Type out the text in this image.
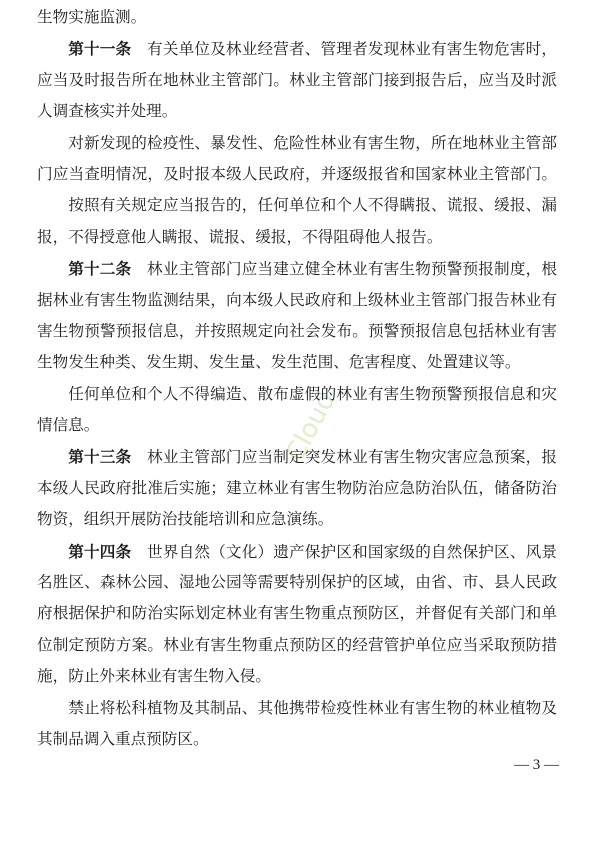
Cloud
生物实施监测。
第十一条 有关单位及林业经营者、管理者发现林业有害生物危害时，
应当及时报告所在地林业主管部门。林业主管部门接到报告后，应当及时派
人调查核实并处理。
对新发现的检疫性、暴发性、危险性林业有害生物，所在地林业主管部
门应当查明情况，及时报本级人民政府，并逐级报省和国家林业主管部门。
按照有关规定应当报告的，任何单位和个人不得瞒报、谎报、缓报、漏
报，不得授意他人瞒报、谎报、缓报，不得阻碍他人报告。
第十二条 林业主管部门应当建立健全林业有害生物预警预报制度，根
据林业有害生物监测结果，向本级人民政府和上级林业主管部门报告林业有
害生物预警预报信息，并按照规定向社会发布。预警预报信息包括林业有害
生物发生种类、发生期、发生量、发生范围、危害程度、处置建议等。
任何单位和个人不得编造、散布虚假的林业有害生物预警预报信息和灾
情信息。
第十三条 林业主管部门应当制定突发林业有害生物灾害应急预案，报
本级人民政府批准后实施；建立林业有害生物防治应急防治队伍，储备防治
物资，组织开展防治技能培训和应急演练。
第十四条 世界自然（文化）遗产保护区和国家级的自然保护区、风景
名胜区、森林公园、湿地公园等需要特别保护的区域，由省、市、县人民政
府根据保护和防治实际划定林业有害生物重点预防区，并督促有关部门和单
位制定预防方案。林业有害生物重点预防区的经营管护单位应当采取预防措
施，防止外来林业有害生物入侵。
禁止将松科植物及其制品、其他携带检疫性林业有害生物的林业植物及
其制品调入重点预防区。
— 3 —
